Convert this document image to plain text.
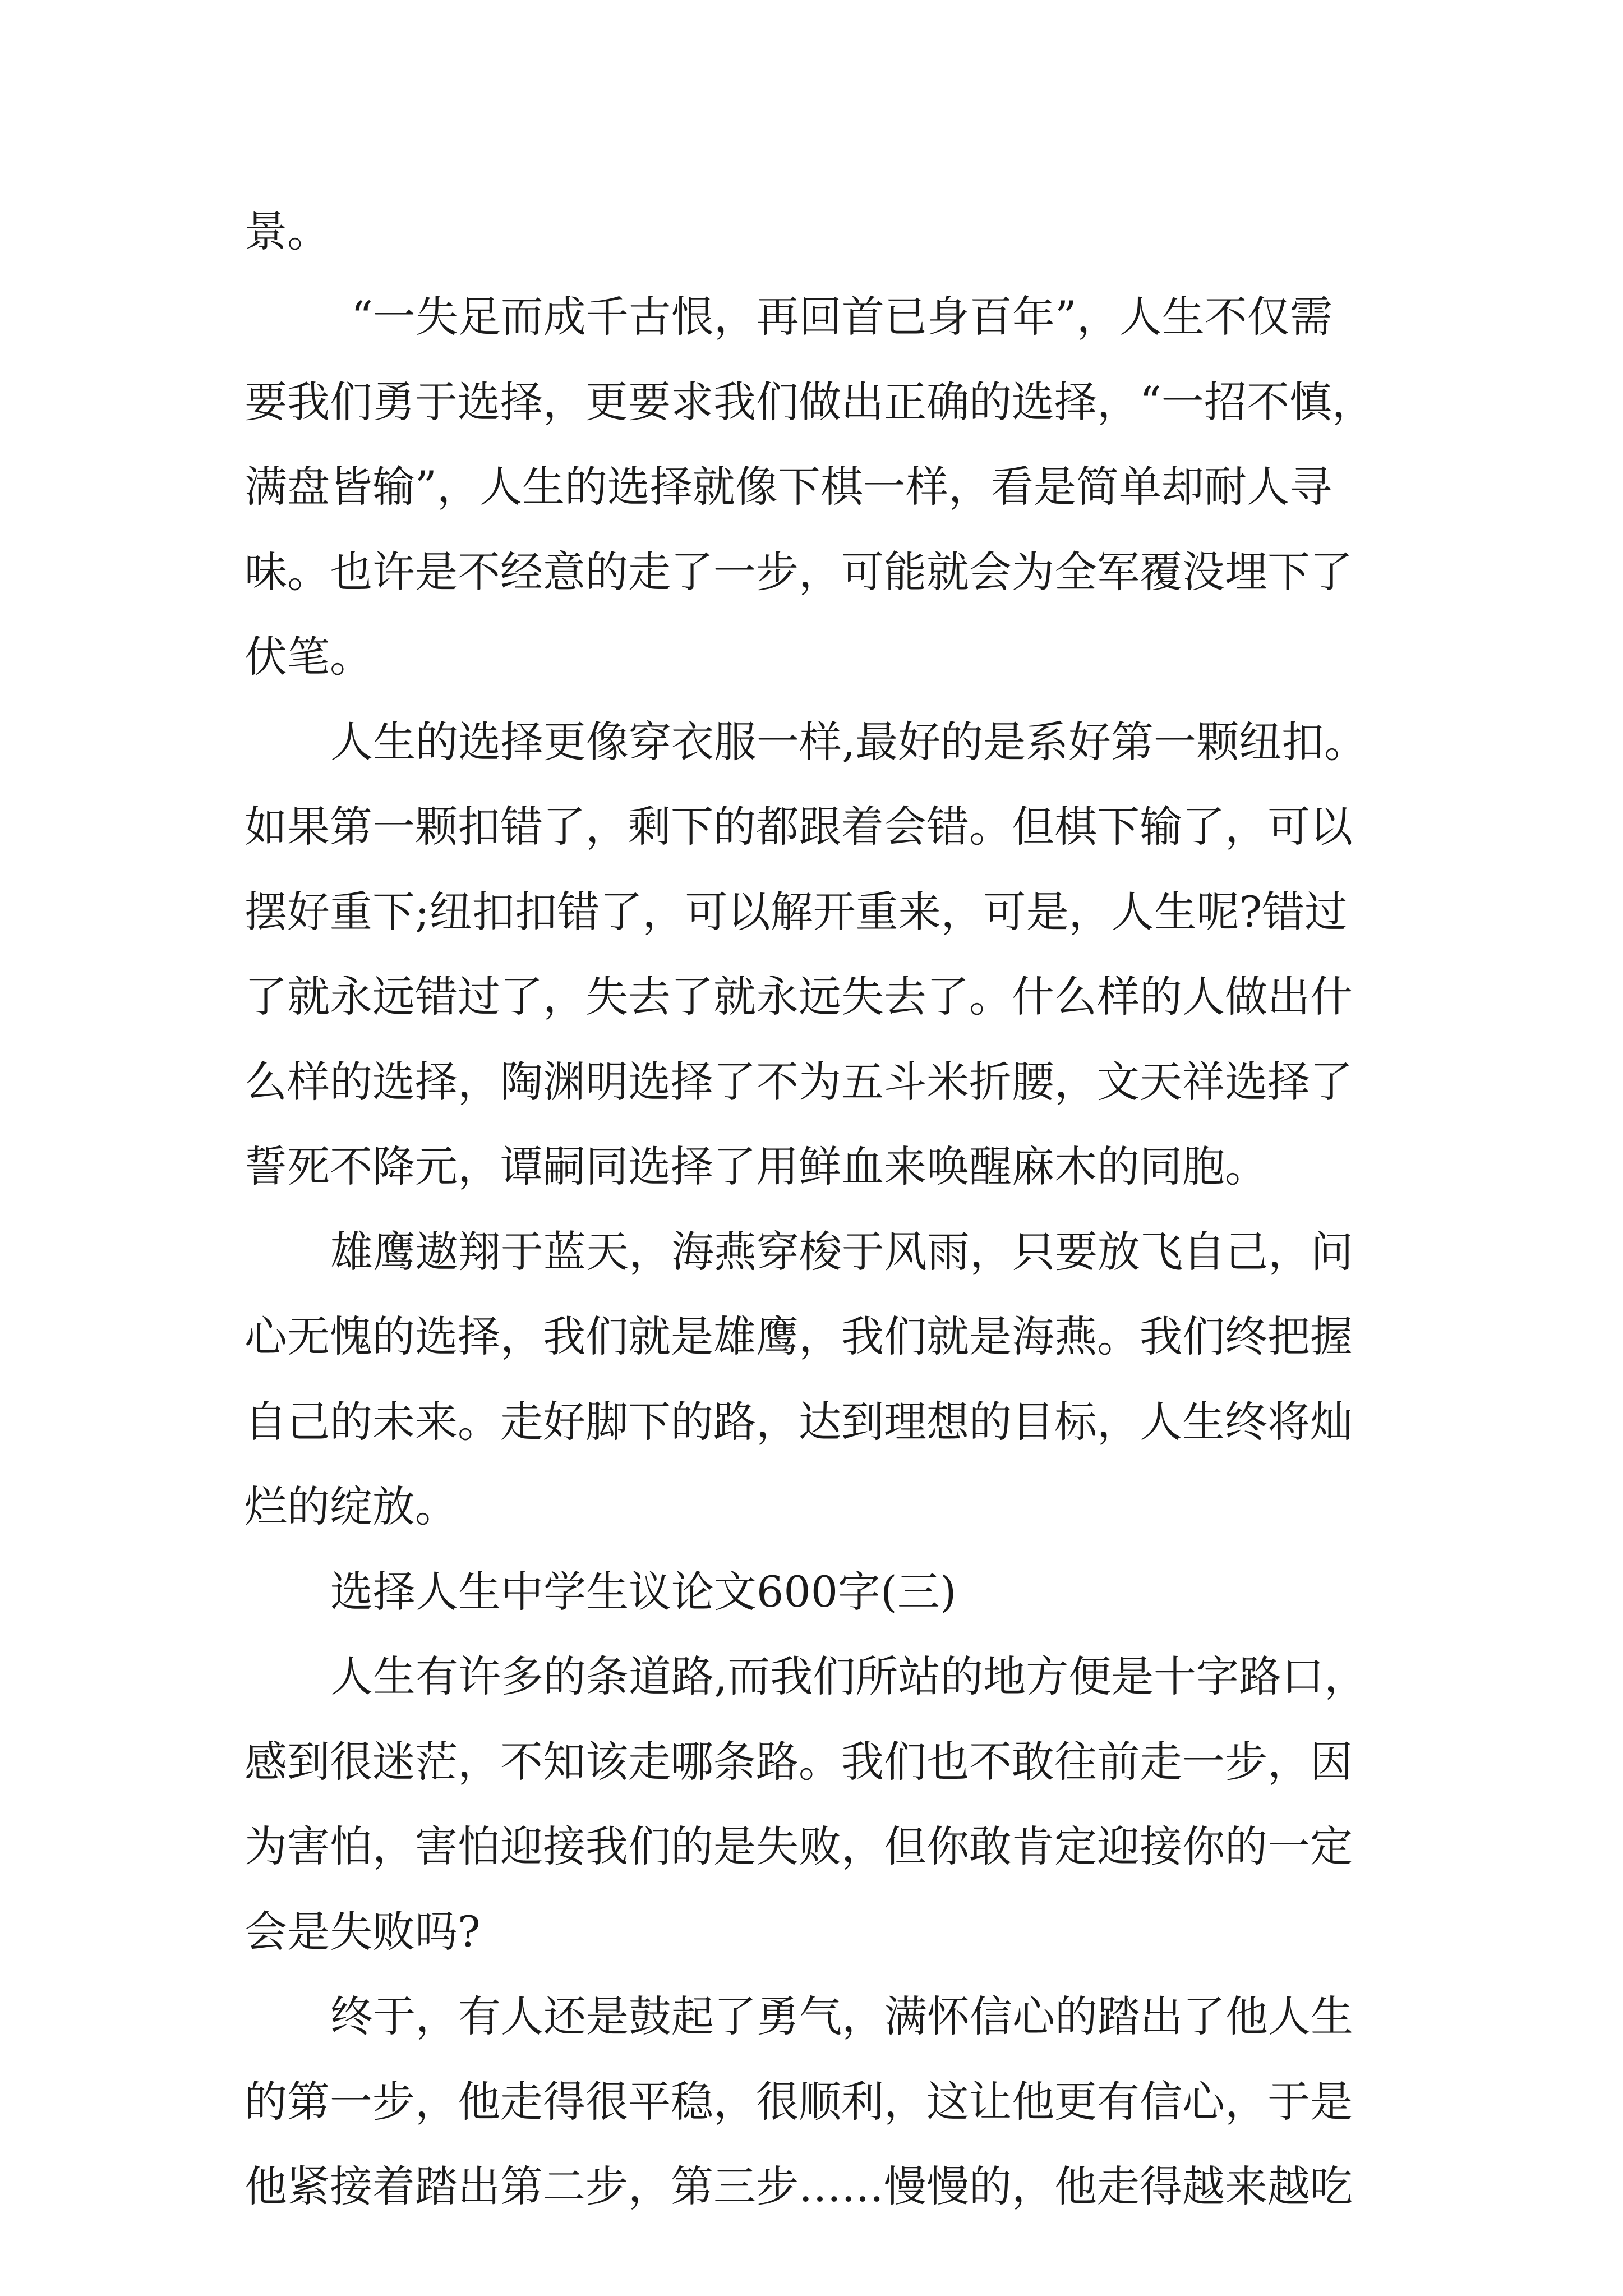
景。

“一失足而成千古恨，再回首已身百年”，人生不仅需

要我们勇于选择，更要求我们做出正确的选择，“一招不慎，

满盘皆输”，人生的选择就像下棋一样，看是简单却耐人寻

味。也许是不经意的走了一步，可能就会为全军覆没埋下了

伏笔。

人生的选择更像穿衣服一样,最好的是系好第一颗纽扣。

如果第一颗扣错了，剩下的都跟着会错。但棋下输了，可以

摆好重下;纽扣扣错了，可以解开重来，可是，人生呢?错过

了就永远错过了，失去了就永远失去了。什么样的人做出什

么样的选择，陶渊明选择了不为五斗米折腰，文天祥选择了

誓死不降元，谭嗣同选择了用鲜血来唤醒麻木的同胞。

雄鹰遨翔于蓝天，海燕穿梭于风雨，只要放飞自己，问

心无愧的选择，我们就是雄鹰，我们就是海燕。我们终把握

自己的未来。走好脚下的路，达到理想的目标，人生终将灿

烂的绽放。

选择人生中学生议论文600字(三)

人生有许多的条道路,而我们所站的地方便是十字路口，

感到很迷茫，不知该走哪条路。我们也不敢往前走一步，因

为害怕，害怕迎接我们的是失败，但你敢肯定迎接你的一定

会是失败吗?

终于，有人还是鼓起了勇气，满怀信心的踏出了他人生

的第一步，他走得很平稳，很顺利，这让他更有信心，于是

他紧接着踏出第二步，第三步……慢慢的，他走得越来越吃
